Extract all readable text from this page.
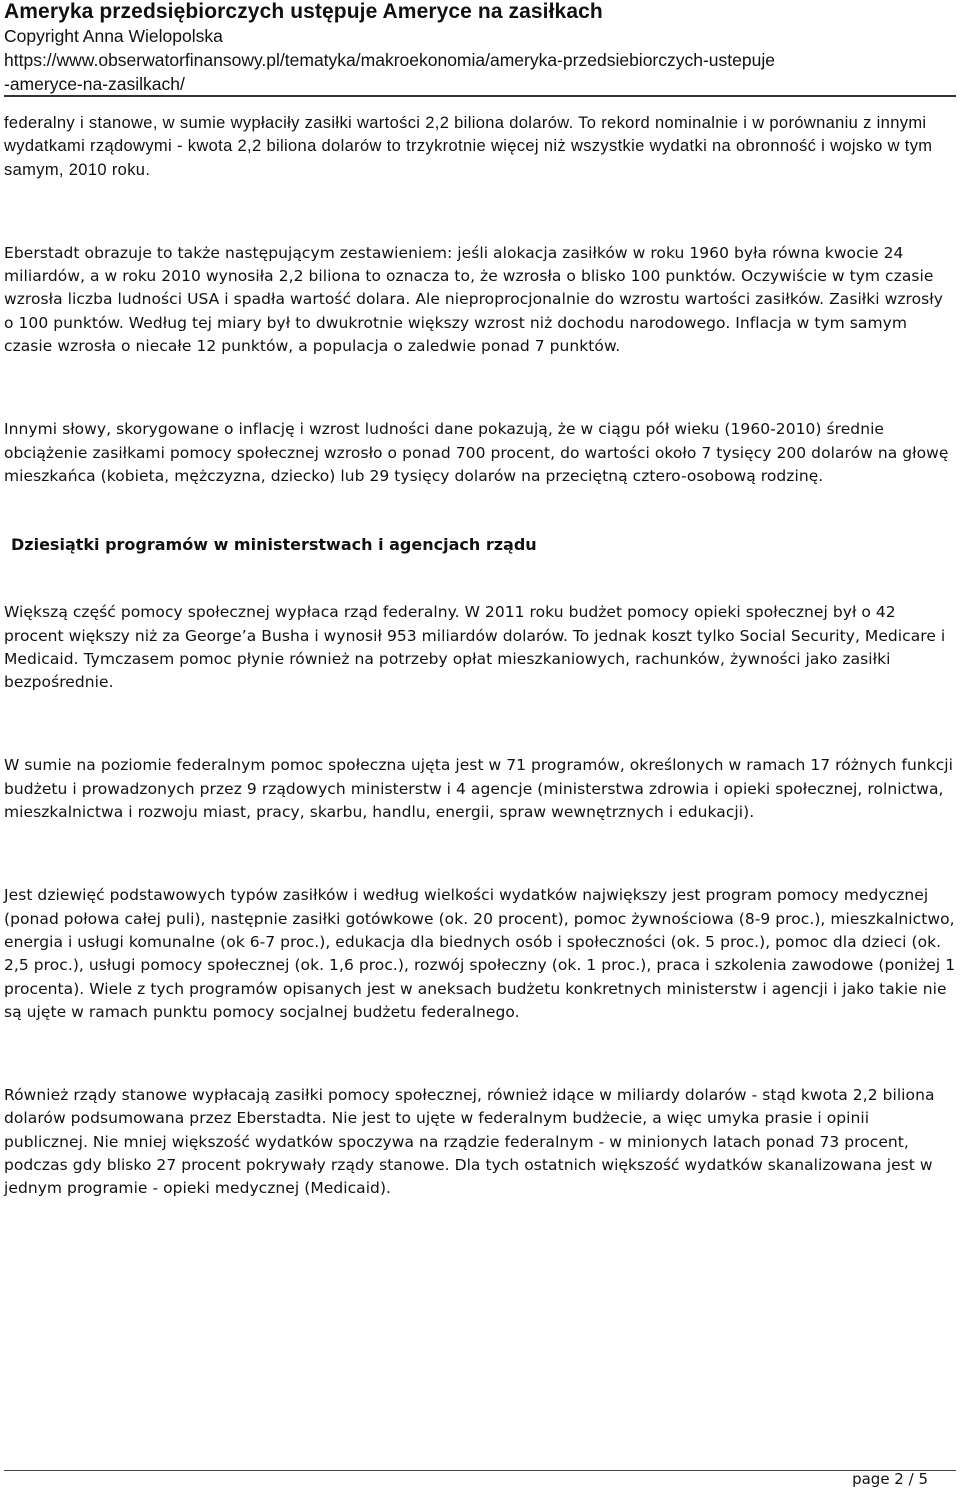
Ameryka przedsiębiorczych ustępuje Ameryce na zasiłkach
Copyright Anna Wielopolska
https://www.obserwatorfinansowy.pl/tematyka/makroekonomia/ameryka-przedsiebiorczych-ustepuje
-ameryce-na-zasilkach/

federalny i stanowe, w sumie wypłaciły zasiłki wartości 2,2 biliona dolarów. To rekord nominalnie i w porównaniu z innymi wydatkami rządowymi - kwota 2,2 biliona dolarów to trzykrotnie więcej niż wszystkie wydatki na obronność i wojsko w tym samym, 2010 roku.

Eberstadt obrazuje to także następującym zestawieniem: jeśli alokacja zasiłków w roku 1960 była równa kwocie 24 miliardów, a w roku 2010 wynosiła 2,2 biliona to oznacza to, że wzrosła o blisko 100 punktów. Oczywiście w tym czasie wzrosła liczba ludności USA i spadła wartość dolara. Ale nieproprocjonalnie do wzrostu wartości zasiłków. Zasiłki wzrosły o 100 punktów. Według tej miary był to dwukrotnie większy wzrost niż dochodu narodowego. Inflacja w tym samym czasie wzrosła o niecałe 12 punktów, a populacja o zaledwie ponad 7 punktów.

Innymi słowy, skorygowane o inflację i wzrost ludności dane pokazują, że w ciągu pół wieku (1960-2010) średnie obciążenie zasiłkami pomocy społecznej wzrosło o ponad 700 procent, do wartości około 7 tysięcy 200 dolarów na głowę mieszkańca (kobieta, mężczyzna, dziecko) lub 29 tysięcy dolarów na przeciętną cztero-osobową rodzinę.

Dziesiątki programów w ministerstwach i agencjach rządu

Większą część pomocy społecznej wypłaca rząd federalny. W 2011 roku budżet pomocy opieki społecznej był o 42 procent większy niż za George’a Busha i wynosił 953 miliardów dolarów. To jednak koszt tylko Social Security, Medicare i Medicaid. Tymczasem pomoc płynie również na potrzeby opłat mieszkaniowych, rachunków, żywności jako zasiłki bezpośrednie.

W sumie na poziomie federalnym pomoc społeczna ujęta jest w 71 programów, określonych w ramach 17 różnych funkcji budżetu i prowadzonych przez 9 rządowych ministerstw i 4 agencje (ministerstwa zdrowia i opieki społecznej, rolnictwa, mieszkalnictwa i rozwoju miast, pracy, skarbu, handlu, energii, spraw wewnętrznych i edukacji).

Jest dziewięć podstawowych typów zasiłków i według wielkości wydatków największy jest program pomocy medycznej (ponad połowa całej puli), następnie zasiłki gotówkowe (ok. 20 procent), pomoc żywnościowa (8-9 proc.), mieszkalnictwo, energia i usługi komunalne (ok 6-7 proc.), edukacja dla biednych osób i społeczności (ok. 5 proc.), pomoc dla dzieci (ok. 2,5 proc.), usługi pomocy społecznej (ok. 1,6 proc.), rozwój społeczny (ok. 1 proc.), praca i szkolenia zawodowe (poniżej 1 procenta). Wiele z tych programów opisanych jest w aneksach budżetu konkretnych ministerstw i agencji i jako takie nie są ujęte w ramach punktu pomocy socjalnej budżetu federalnego.

Również rządy stanowe wypłacają zasiłki pomocy społecznej, również idące w miliardy dolarów - stąd kwota 2,2 biliona dolarów podsumowana przez Eberstadta. Nie jest to ujęte w federalnym budżecie, a więc umyka prasie i opinii publicznej. Nie mniej większość wydatków spoczywa na rządzie federalnym - w minionych latach ponad 73 procent, podczas gdy blisko 27 procent pokrywały rządy stanowe. Dla tych ostatnich większość wydatków skanalizowana jest w jednym programie - opieki medycznej (Medicaid).

page 2 / 5
